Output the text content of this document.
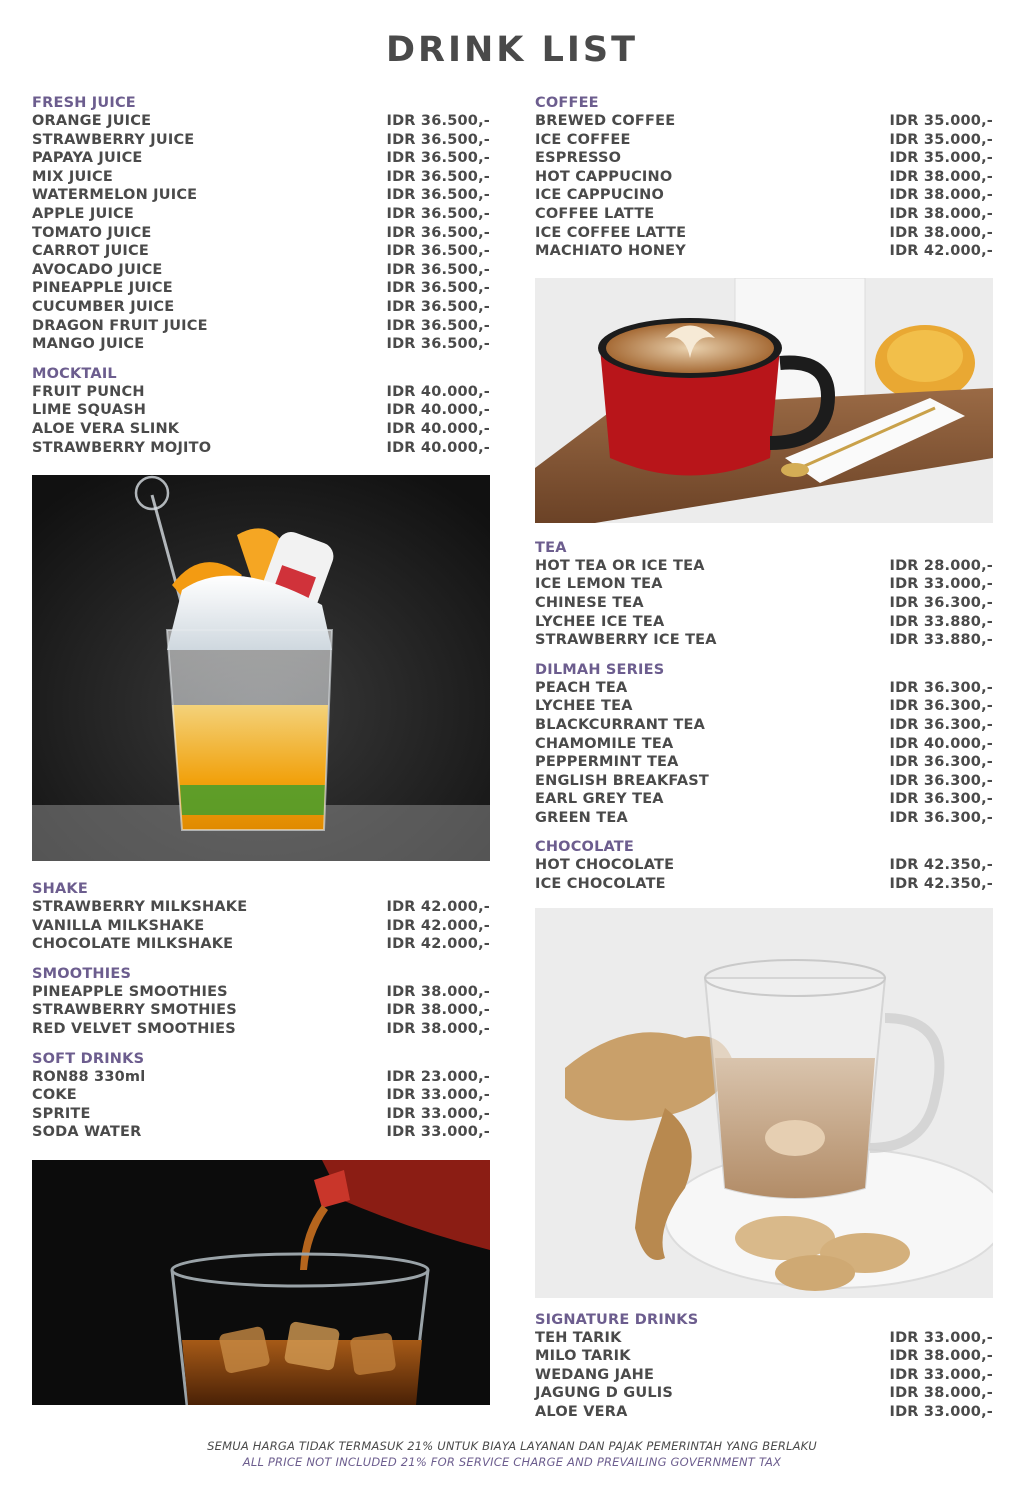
DRINK LIST
FRESH JUICE
ORANGE JUICE	IDR 36.500,-
STRAWBERRY JUICE	IDR 36.500,-
PAPAYA JUICE	IDR 36.500,-
MIX JUICE	IDR 36.500,-
WATERMELON JUICE	IDR 36.500,-
APPLE JUICE	IDR 36.500,-
TOMATO JUICE	IDR 36.500,-
CARROT JUICE	IDR 36.500,-
AVOCADO JUICE	IDR 36.500,-
PINEAPPLE JUICE	IDR 36.500,-
CUCUMBER JUICE	IDR 36.500,-
DRAGON FRUIT JUICE	IDR 36.500,-
MANGO JUICE	IDR 36.500,-
MOCKTAIL
FRUIT PUNCH	IDR 40.000,-
LIME SQUASH	IDR 40.000,-
ALOE VERA SLINK	IDR 40.000,-
STRAWBERRY MOJITO	IDR 40.000,-
SHAKE
STRAWBERRY MILKSHAKE	IDR 42.000,-
VANILLA MILKSHAKE	IDR 42.000,-
CHOCOLATE MILKSHAKE	IDR 42.000,-
SMOOTHIES
PINEAPPLE SMOOTHIES	IDR 38.000,-
STRAWBERRY SMOTHIES	IDR 38.000,-
RED VELVET SMOOTHIES	IDR 38.000,-
SOFT DRINKS
RON88 330ml	IDR 23.000,-
COKE	IDR 33.000,-
SPRITE	IDR 33.000,-
SODA WATER	IDR 33.000,-
COFFEE
BREWED COFFEE	IDR 35.000,-
ICE COFFEE	IDR 35.000,-
ESPRESSO	IDR 35.000,-
HOT CAPPUCINO	IDR 38.000,-
ICE CAPPUCINO	IDR 38.000,-
COFFEE LATTE	IDR 38.000,-
ICE COFFEE LATTE	IDR 38.000,-
MACHIATO HONEY	IDR 42.000,-
TEA
HOT TEA OR ICE TEA	IDR 28.000,-
ICE LEMON TEA	IDR 33.000,-
CHINESE TEA	IDR 36.300,-
LYCHEE ICE TEA	IDR 33.880,-
STRAWBERRY ICE TEA	IDR 33.880,-
DILMAH SERIES
PEACH TEA	IDR 36.300,-
LYCHEE TEA	IDR 36.300,-
BLACKCURRANT TEA	IDR 36.300,-
CHAMOMILE TEA	IDR 40.000,-
PEPPERMINT TEA	IDR 36.300,-
ENGLISH BREAKFAST	IDR 36.300,-
EARL GREY TEA	IDR 36.300,-
GREEN TEA	IDR 36.300,-
CHOCOLATE
HOT CHOCOLATE	IDR 42.350,-
ICE CHOCOLATE	IDR 42.350,-
SIGNATURE DRINKS
TEH TARIK	IDR 33.000,-
MILO TARIK	IDR 38.000,-
WEDANG JAHE	IDR 33.000,-
JAGUNG D GULIS	IDR 38.000,-
ALOE VERA	IDR 33.000,-
SEMUA HARGA TIDAK TERMASUK 21% UNTUK BIAYA LAYANAN DAN PAJAK PEMERINTAH YANG BERLAKU
ALL PRICE NOT INCLUDED 21% FOR SERVICE CHARGE AND PREVAILING GOVERNMENT TAX
